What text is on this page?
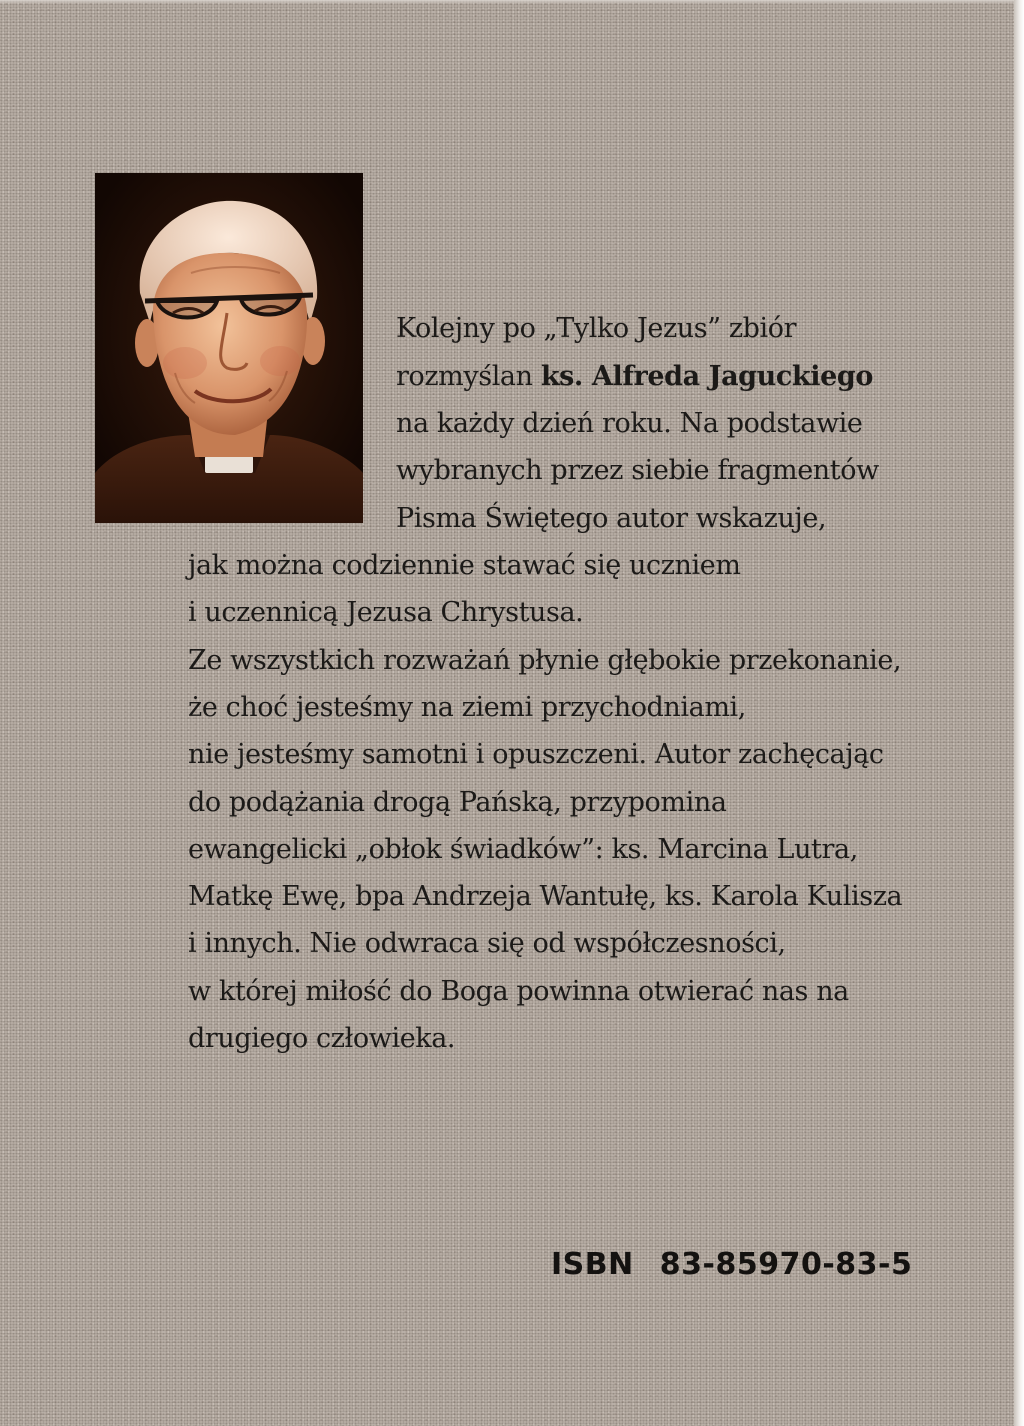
Kolejny po „Tylko Jezus” zbiór
rozmyślan ks. Alfreda Jaguckiego
na każdy dzień roku. Na podstawie
wybranych przez siebie fragmentów
Pisma Świętego autor wskazuje,
jak można codziennie stawać się uczniem
i uczennicą Jezusa Chrystusa.
Ze wszystkich rozważań płynie głębokie przekonanie,
że choć jesteśmy na ziemi przychodniami,
nie jesteśmy samotni i opuszczeni. Autor zachęcając
do podążania drogą Pańską, przypomina
ewangelicki „obłok świadków”: ks. Marcina Lutra,
Matkę Ewę, bpa Andrzeja Wantułę, ks. Karola Kulisza
i innych. Nie odwraca się od współczesności,
w której miłość do Boga powinna otwierać nas na
drugiego człowieka.
ISBN 83-85970-83-5
